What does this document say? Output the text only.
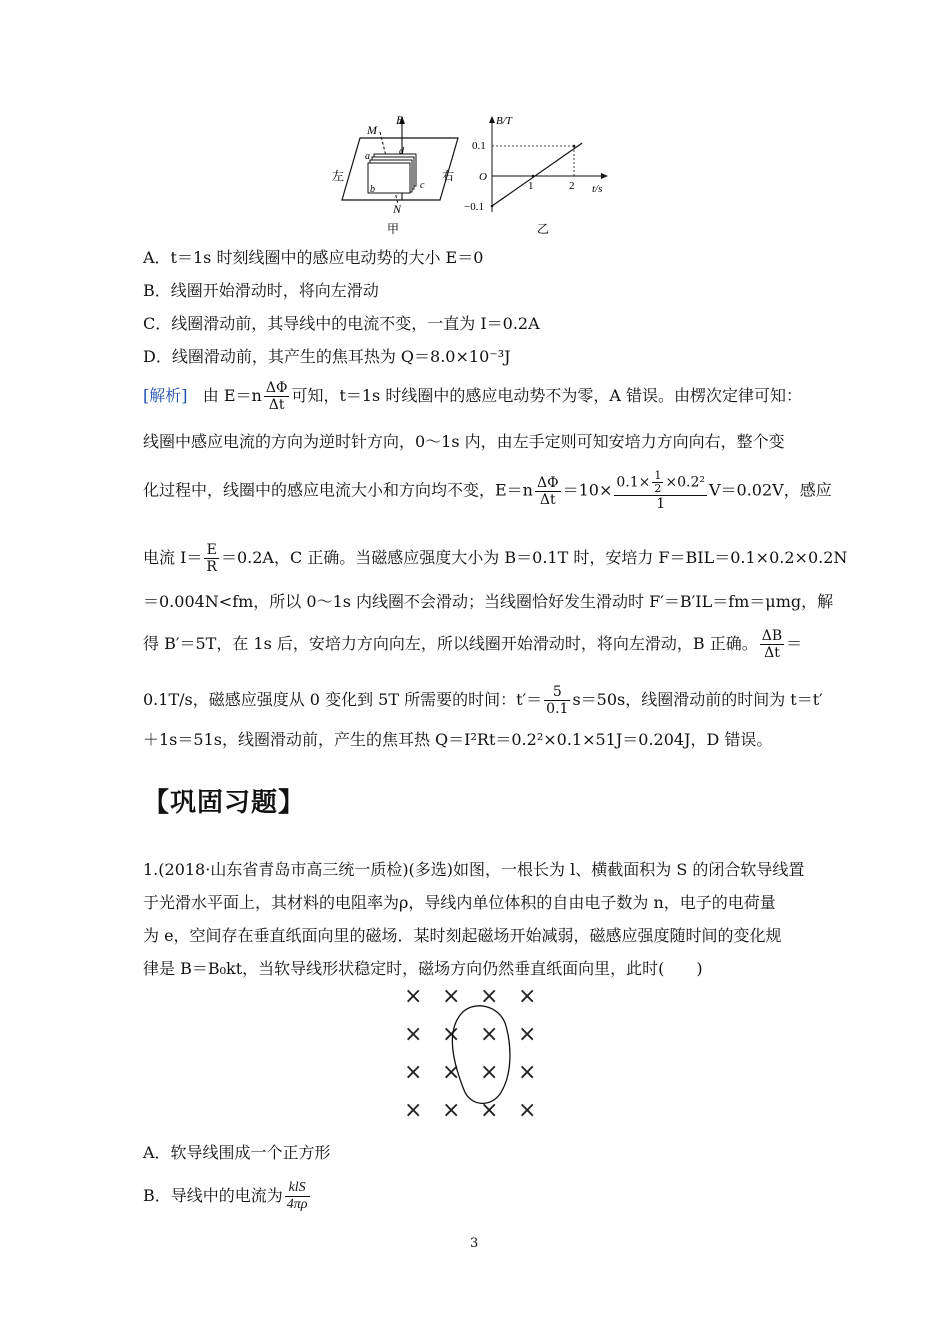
M
B
a	d
b	c
N
左	右
甲
B/T
t/s
0.1
−0.1
O
1	2
乙
A．t＝1s 时刻线圈中的感应电动势的大小 E＝0
B．线圈开始滑动时，将向左滑动
C．线圈滑动前，其导线中的电流不变，一直为 I＝0.2A
D．线圈滑动前，其产生的焦耳热为 Q＝8.0×10⁻³J
[解析] 由 $E=n \frac{\Delta\Phi}{\Delta t}$ 可知，t＝1s 时线圈中的感应电动势不为零，A 错误。由楞次定律可知：
线圈中感应电流的方向为逆时针方向，0～1s 内，由左手定则可知安培力方向向右，整个变
化过程中，线圈中的感应电流大小和方向均不变，$E=n \frac{\Delta\Phi}{\Delta t} =10\times \frac{0.1\times \frac{1}{2} \times 0.2^2}{1} V=0.02V$，感应
电流 $I= \frac{E}{R} =0.2A$，C 正确。当磁感应强度大小为 B＝0.1T 时，安培力 F＝BIL＝0.1×0.2×0.2N
＝0.004N<fm，所以 0～1s 内线圈不会滑动；当线圈恰好发生滑动时 F′＝B′IL＝fm＝μmg，解
得 B′＝5T，在 1s 后，安培力方向向左，所以线圈开始滑动时，将向左滑动，B 正确。 $\frac{\Delta B}{\Delta t}$ ＝
0.1T/s，磁感应强度从 0 变化到 5T 所需要的时间：$t'= \frac{5}{0.1} s=50s$，线圈滑动前的时间为 t＝t′
＋1s＝51s，线圈滑动前，产生的焦耳热 Q＝I²Rt＝0.2²×0.1×51J＝0.204J，D 错误。
【巩固习题】
1.(2018·山东省青岛市高三统一质检)(多选)如图，一根长为 l、横截面积为 S 的闭合软导线置
于光滑水平面上，其材料的电阻率为ρ，导线内单位体积的自由电子数为 n，电子的电荷量
为 e，空间存在垂直纸面向里的磁场．某时刻起磁场开始减弱，磁感应强度随时间的变化规
律是 B＝B₀kt，当软导线形状稳定时，磁场方向仍然垂直纸面向里，此时(　　)
× × × ×
× × × ×
× × × ×
× × × ×
A．软导线围成一个正方形
B．导线中的电流为 $\frac{\text{klS}}{4\pi\rho}$
3
